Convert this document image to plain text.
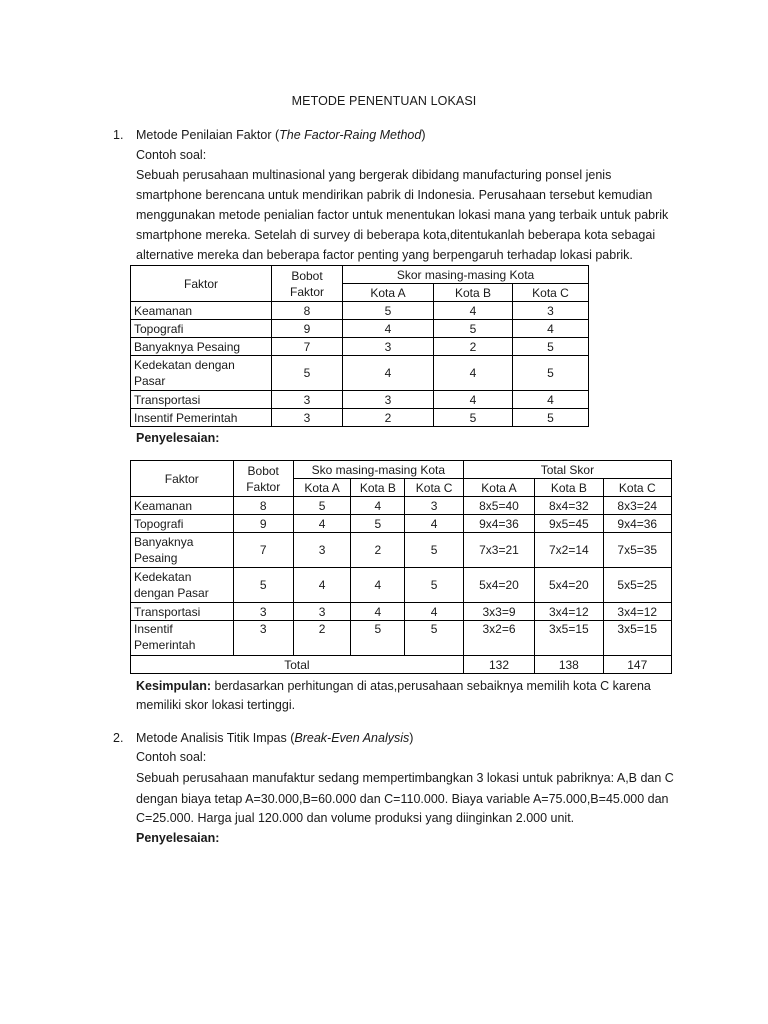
METODE PENENTUAN LOKASI
1. Metode Penilaian Faktor (The Factor-Raing Method)
Contoh soal:
Sebuah perusahaan multinasional yang bergerak dibidang manufacturing ponsel jenis
smartphone berencana untuk mendirikan pabrik di Indonesia. Perusahaan tersebut kemudian
menggunakan metode penialian factor untuk menentukan lokasi mana yang terbaik untuk pabrik
smartphone mereka. Setelah di survey di beberapa kota,ditentukanlah beberapa kota sebagai
alternative mereka dan beberapa factor penting yang berpengaruh terhadap lokasi pabrik.
Faktor	Bobot Faktor	Skor masing-masing Kota		
		Kota A	Kota B	Kota C
Keamanan	8	5	4	3
Topografi	9	4	5	4
Banyaknya Pesaing	7	3	2	5
Kedekatan dengan Pasar	5	4	4	5
Transportasi	3	3	4	4
Insentif Pemerintah	3	2	5	5
Penyelesaian:
Faktor	Bobot Faktor	Sko masing-masing Kota			Total Skor		
		Kota A	Kota B	Kota C	Kota A	Kota B	Kota C
Keamanan	8	5	4	3	8x5=40	8x4=32	8x3=24
Topografi	9	4	5	4	9x4=36	9x5=45	9x4=36
Banyaknya Pesaing	7	3	2	5	7x3=21	7x2=14	7x5=35
Kedekatan dengan Pasar	5	4	4	5	5x4=20	5x4=20	5x5=25
Transportasi	3	3	4	4	3x3=9	3x4=12	3x4=12
Insentif Pemerintah	3	2	5	5	3x2=6	3x5=15	3x5=15
Total					132	138	147
Kesimpulan: berdasarkan perhitungan di atas,perusahaan sebaiknya memilih kota C karena
memiliki skor lokasi tertinggi.
2. Metode Analisis Titik Impas (Break-Even Analysis)
Contoh soal:
Sebuah perusahaan manufaktur sedang mempertimbangkan 3 lokasi untuk pabriknya: A,B dan C
dengan biaya tetap A=30.000,B=60.000 dan C=110.000. Biaya variable A=75.000,B=45.000 dan
C=25.000. Harga jual 120.000 dan volume produksi yang diinginkan 2.000 unit.
Penyelesaian:
